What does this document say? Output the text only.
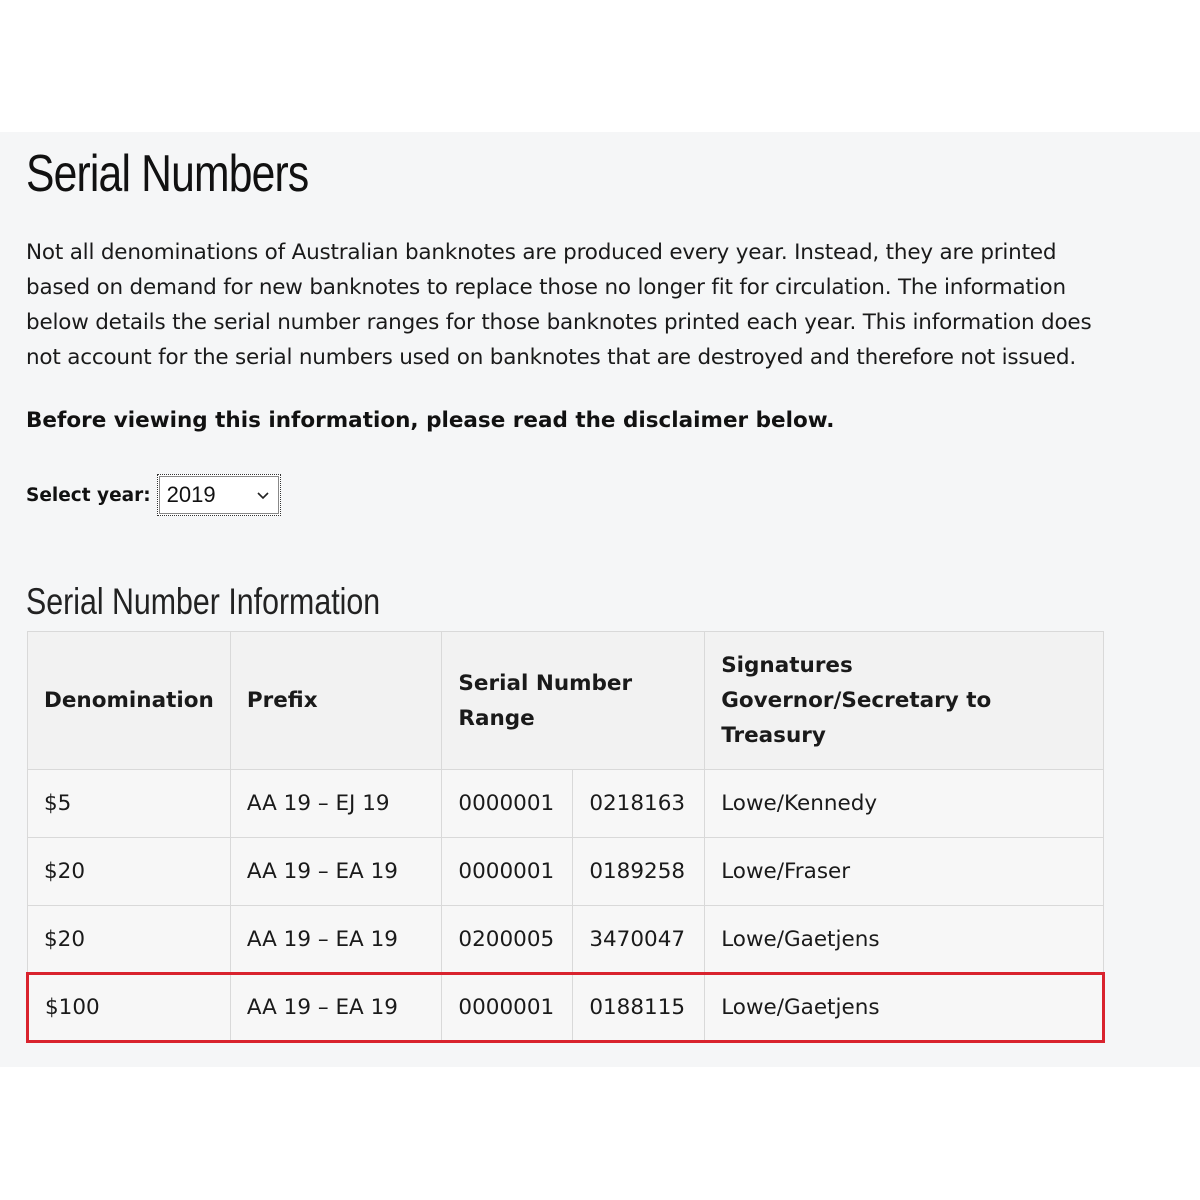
Serial Numbers

Not all denominations of Australian banknotes are produced every year. Instead, they are printed based on demand for new banknotes to replace those no longer fit for circulation. The information below details the serial number ranges for those banknotes printed each year. This information does not account for the serial numbers used on banknotes that are destroyed and therefore not issued.

Before viewing this information, please read the disclaimer below.

Select year: 2019
Serial Number Information
Denomination	Prefix	Serial Number Range		Signatures Governor/Secretary to Treasury
$5	AA 19 – EJ 19	0000001	0218163	Lowe/Kennedy
$20	AA 19 – EA 19	0000001	0189258	Lowe/Fraser
$20	AA 19 – EA 19	0200005	3470047	Lowe/Gaetjens
$100	AA 19 – EA 19	0000001	0188115	Lowe/Gaetjens
